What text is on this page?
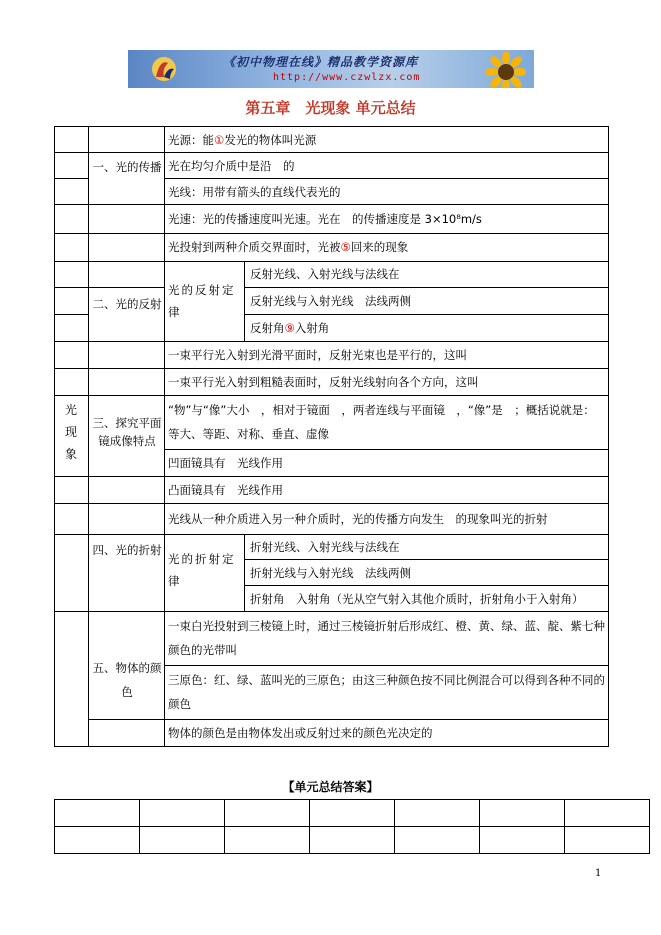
《初中物理在线》精品教学资源库
http://www.czwlzx.com
第五章　光现象 单元总结
光现象
一、光的传播
二、光的反射
三、探究平面镜成像特点
四、光的折射
五、物体的颜色
光的反射定律
光的折射定律
光源：能①发光的物体叫光源
光在均匀介质中是沿　的
光线：用带有箭头的直线代表光的
光速：光的传播速度叫光速。光在　的传播速度是 3×10⁸m/s
光投射到两种介质交界面时，光被⑤回来的现象
反射光线、入射光线与法线在
反射光线与入射光线　法线两侧
反射角⑨入射角
一束平行光入射到光滑平面时，反射光束也是平行的，这叫
一束平行光入射到粗糙表面时，反射光线射向各个方向，这叫
“物”与“像”大小　，相对于镜面　，两者连线与平面镜　，“像”是　；概括说就是：等大、等距、对称、垂直、虚像
凹面镜具有　光线作用
凸面镜具有　光线作用
光线从一种介质进入另一种介质时，光的传播方向发生　的现象叫光的折射
折射光线、入射光线与法线在
折射光线与入射光线　法线两侧
折射角　入射角（光从空气射入其他介质时，折射角小于入射角）
一束白光投射到三棱镜上时，通过三棱镜折射后形成红、橙、黄、绿、蓝、靛、紫七种颜色的光带叫
三原色：红、绿、蓝叫光的三原色；由这三种颜色按不同比例混合可以得到各种不同的颜色
物体的颜色是由物体发出或反射过来的颜色光决定的
【单元总结答案】
1
